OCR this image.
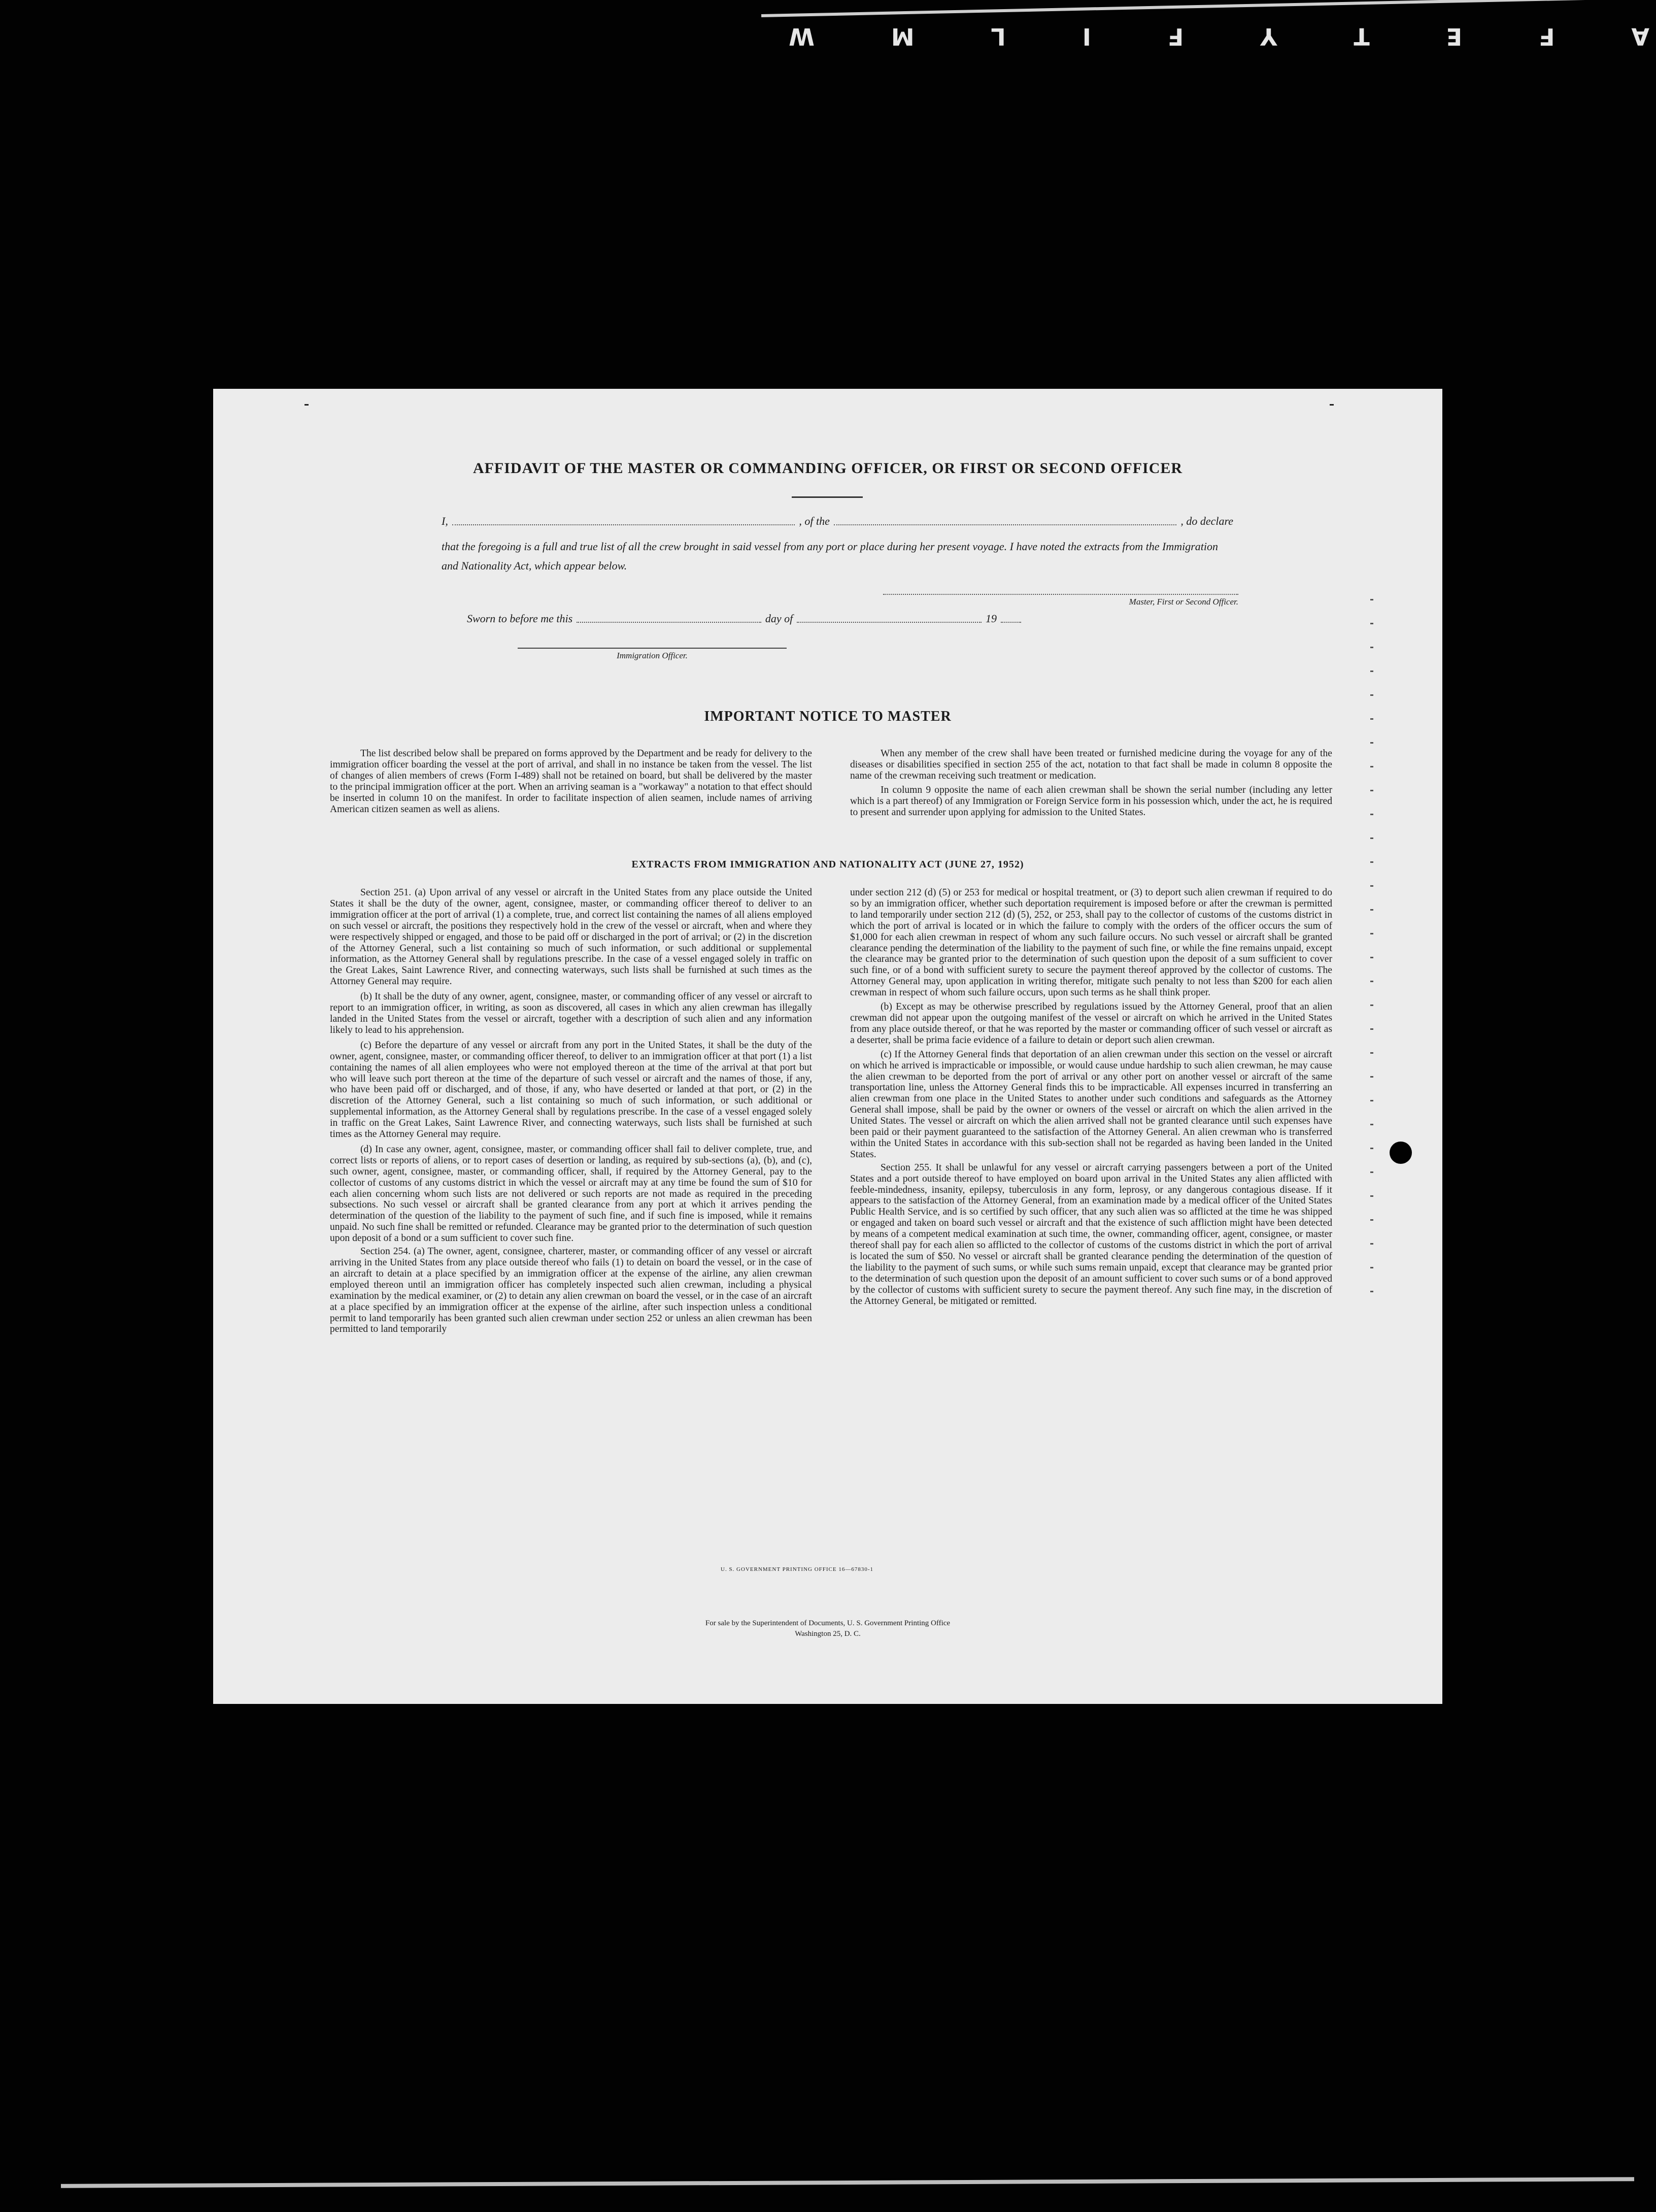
A
F
E
T
Y
F
I
L
M
W
AFFIDAVIT OF THE MASTER OR COMMANDING OFFICER, OR FIRST OR SECOND OFFICER
I,	, of the	, do declare
that the foregoing is a full and true list of all the crew brought in said vessel from any port or place during her present voyage. I have noted the extracts from the Immigration and Nationality Act, which appear below.
Master, First or Second Officer.
Sworn to before me this	day of	19
Immigration Officer.
IMPORTANT NOTICE TO MASTER

The list described below shall be prepared on forms approved by the Department and be ready for delivery to the immigration officer boarding the vessel at the port of arrival, and shall in no instance be taken from the vessel. The list of changes of alien members of crews (Form I-489) shall not be retained on board, but shall be delivered by the master to the principal immigration officer at the port. When an arriving seaman is a "workaway" a notation to that effect should be inserted in column 10 on the manifest. In order to facilitate inspection of alien seamen, include names of arriving American citizen seamen as well as aliens.

When any member of the crew shall have been treated or furnished medicine during the voyage for any of the diseases or disabilities specified in section 255 of the act, notation to that fact shall be made in column 8 opposite the name of the crewman receiving such treatment or medication.

In column 9 opposite the name of each alien crewman shall be shown the serial number (including any letter which is a part thereof) of any Immigration or Foreign Service form in his possession which, under the act, he is required to present and surrender upon applying for admission to the United States.

EXTRACTS FROM IMMIGRATION AND NATIONALITY ACT (JUNE 27, 1952)

Section 251. (a) Upon arrival of any vessel or aircraft in the United States from any place outside the United States it shall be the duty of the owner, agent, consignee, master, or commanding officer thereof to deliver to an immigration officer at the port of arrival (1) a complete, true, and correct list containing the names of all aliens employed on such vessel or aircraft, the positions they respectively hold in the crew of the vessel or aircraft, when and where they were respectively shipped or engaged, and those to be paid off or discharged in the port of arrival; or (2) in the discretion of the Attorney General, such a list containing so much of such information, or such additional or supplemental information, as the Attorney General shall by regulations prescribe. In the case of a vessel engaged solely in traffic on the Great Lakes, Saint Lawrence River, and connecting waterways, such lists shall be furnished at such times as the Attorney General may require.

(b) It shall be the duty of any owner, agent, consignee, master, or commanding officer of any vessel or aircraft to report to an immigration officer, in writing, as soon as discovered, all cases in which any alien crewman has illegally landed in the United States from the vessel or aircraft, together with a description of such alien and any information likely to lead to his apprehension.

(c) Before the departure of any vessel or aircraft from any port in the United States, it shall be the duty of the owner, agent, consignee, master, or commanding officer thereof, to deliver to an immigration officer at that port (1) a list containing the names of all alien employees who were not employed thereon at the time of the arrival at that port but who will leave such port thereon at the time of the departure of such vessel or aircraft and the names of those, if any, who have been paid off or discharged, and of those, if any, who have deserted or landed at that port, or (2) in the discretion of the Attorney General, such a list containing so much of such information, or such additional or supplemental information, as the Attorney General shall by regulations prescribe. In the case of a vessel engaged solely in traffic on the Great Lakes, Saint Lawrence River, and connecting waterways, such lists shall be furnished at such times as the Attorney General may require.

(d) In case any owner, agent, consignee, master, or commanding officer shall fail to deliver complete, true, and correct lists or reports of aliens, or to report cases of desertion or landing, as required by sub-sections (a), (b), and (c), such owner, agent, consignee, master, or commanding officer, shall, if required by the Attorney General, pay to the collector of customs of any customs district in which the vessel or aircraft may at any time be found the sum of $10 for each alien concerning whom such lists are not delivered or such reports are not made as required in the preceding subsections. No such vessel or aircraft shall be granted clearance from any port at which it arrives pending the determination of the question of the liability to the payment of such fine, and if such fine is imposed, while it remains unpaid. No such fine shall be remitted or refunded. Clearance may be granted prior to the determination of such question upon deposit of a bond or a sum sufficient to cover such fine.

Section 254. (a) The owner, agent, consignee, charterer, master, or commanding officer of any vessel or aircraft arriving in the United States from any place outside thereof who fails (1) to detain on board the vessel, or in the case of an aircraft to detain at a place specified by an immigration officer at the expense of the airline, any alien crewman employed thereon until an immigration officer has completely inspected such alien crewman, including a physical examination by the medical examiner, or (2) to detain any alien crewman on board the vessel, or in the case of an aircraft at a place specified by an immigration officer at the expense of the airline, after such inspection unless a conditional permit to land temporarily has been granted such alien crewman under section 252 or unless an alien crewman has been permitted to land temporarily

under section 212 (d) (5) or 253 for medical or hospital treatment, or (3) to deport such alien crewman if required to do so by an immigration officer, whether such deportation requirement is imposed before or after the crewman is permitted to land temporarily under section 212 (d) (5), 252, or 253, shall pay to the collector of customs of the customs district in which the port of arrival is located or in which the failure to comply with the orders of the officer occurs the sum of $1,000 for each alien crewman in respect of whom any such failure occurs. No such vessel or aircraft shall be granted clearance pending the determination of the liability to the payment of such fine, or while the fine remains unpaid, except the clearance may be granted prior to the determination of such question upon the deposit of a sum sufficient to cover such fine, or of a bond with sufficient surety to secure the payment thereof approved by the collector of customs. The Attorney General may, upon application in writing therefor, mitigate such penalty to not less than $200 for each alien crewman in respect of whom such failure occurs, upon such terms as he shall think proper.

(b) Except as may be otherwise prescribed by regulations issued by the Attorney General, proof that an alien crewman did not appear upon the outgoing manifest of the vessel or aircraft on which he arrived in the United States from any place outside thereof, or that he was reported by the master or commanding officer of such vessel or aircraft as a deserter, shall be prima facie evidence of a failure to detain or deport such alien crewman.

(c) If the Attorney General finds that deportation of an alien crewman under this section on the vessel or aircraft on which he arrived is impracticable or impossible, or would cause undue hardship to such alien crewman, he may cause the alien crewman to be deported from the port of arrival or any other port on another vessel or aircraft of the same transportation line, unless the Attorney General finds this to be impracticable. All expenses incurred in transferring an alien crewman from one place in the United States to another under such conditions and safeguards as the Attorney General shall impose, shall be paid by the owner or owners of the vessel or aircraft on which the alien arrived in the United States. The vessel or aircraft on which the alien arrived shall not be granted clearance until such expenses have been paid or their payment guaranteed to the satisfaction of the Attorney General. An alien crewman who is transferred within the United States in accordance with this sub-section shall not be regarded as having been landed in the United States.

Section 255. It shall be unlawful for any vessel or aircraft carrying passengers between a port of the United States and a port outside thereof to have employed on board upon arrival in the United States any alien afflicted with feeble-mindedness, insanity, epilepsy, tuberculosis in any form, leprosy, or any dangerous contagious disease. If it appears to the satisfaction of the Attorney General, from an examination made by a medical officer of the United States Public Health Service, and is so certified by such officer, that any such alien was so afflicted at the time he was shipped or engaged and taken on board such vessel or aircraft and that the existence of such affliction might have been detected by means of a competent medical examination at such time, the owner, commanding officer, agent, consignee, or master thereof shall pay for each alien so afflicted to the collector of customs of the customs district in which the port of arrival is located the sum of $50. No vessel or aircraft shall be granted clearance pending the determination of the question of the liability to the payment of such sums, or while such sums remain unpaid, except that clearance may be granted prior to the determination of such question upon the deposit of an amount sufficient to cover such sums or of a bond approved by the collector of customs with sufficient surety to secure the payment thereof. Any such fine may, in the discretion of the Attorney General, be mitigated or remitted.

U. S. GOVERNMENT PRINTING OFFICE 16—67830-1
For sale by the Superintendent of Documents, U. S. Government Printing Office
Washington 25, D. C.
